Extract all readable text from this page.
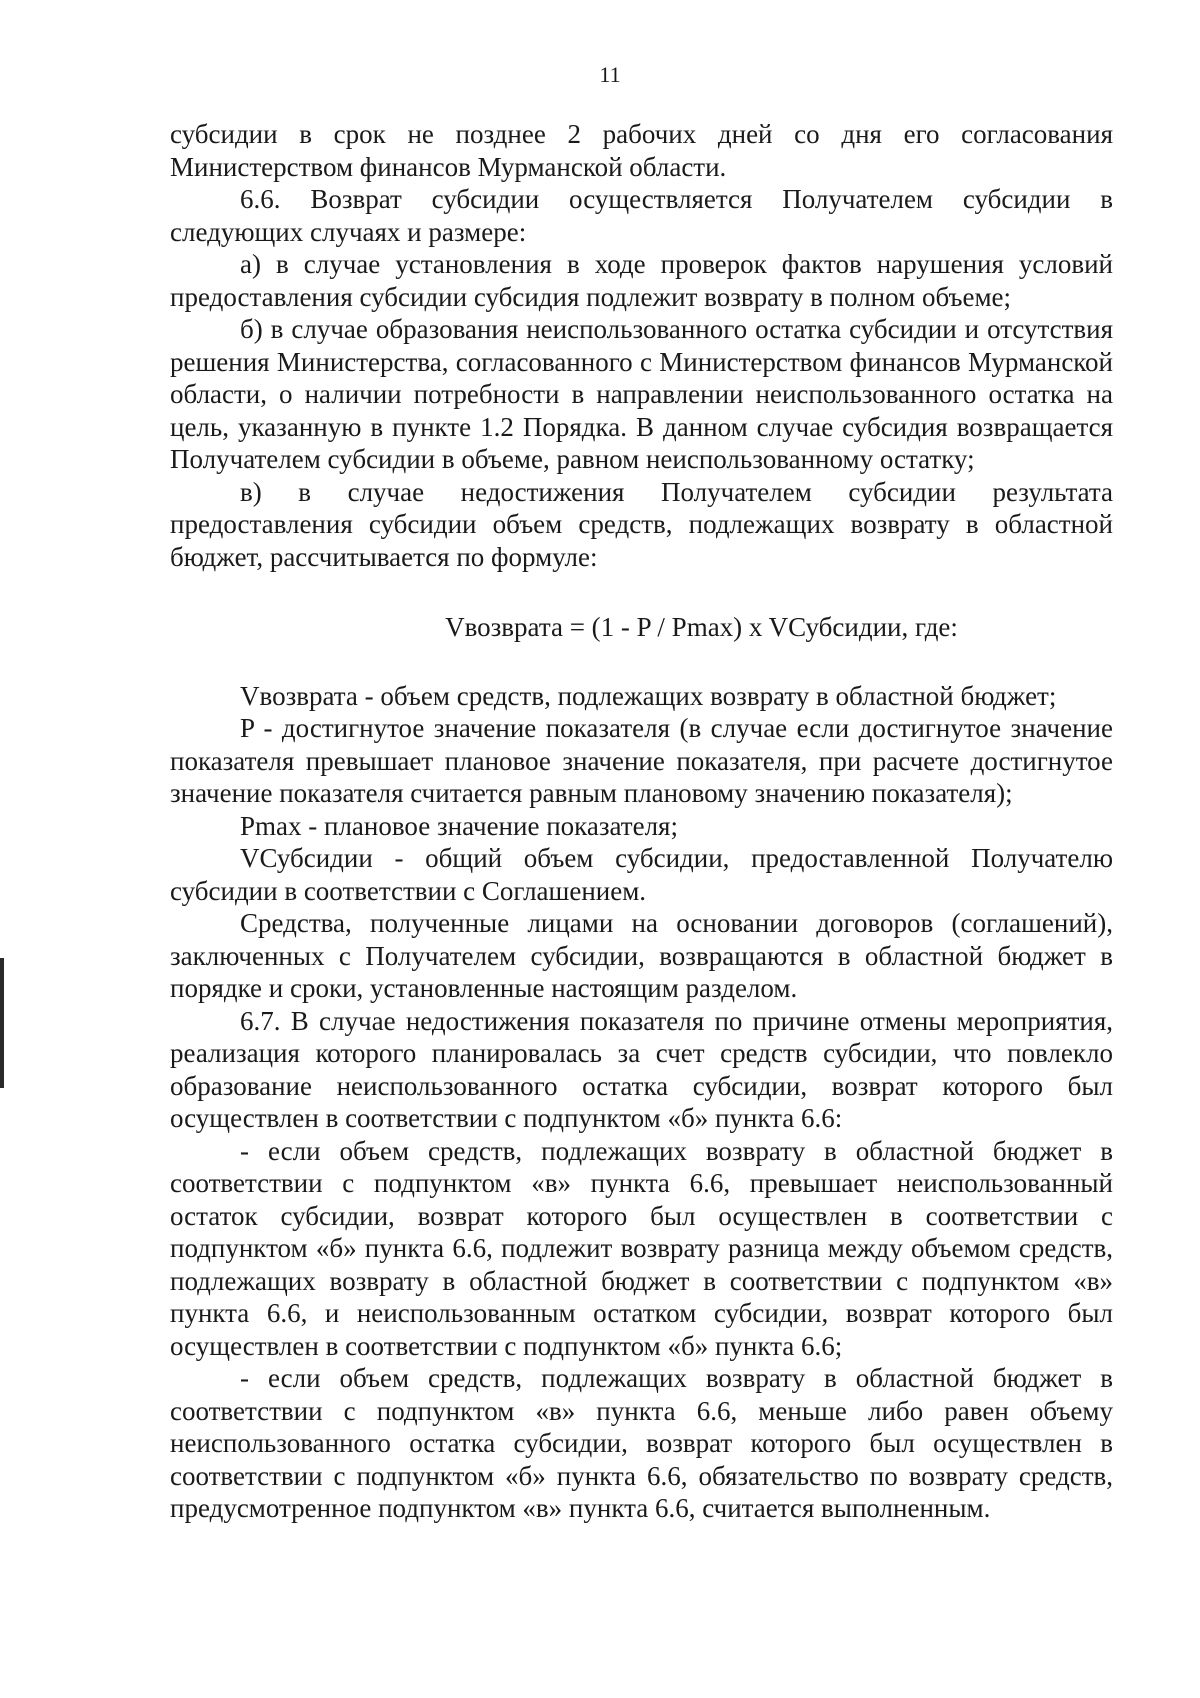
11

субсидии в срок не позднее 2 рабочих дней со дня его согласования Министерством финансов Мурманской области.

6.6. Возврат субсидии осуществляется Получателем субсидии в следующих случаях и размере:

а) в случае установления в ходе проверок фактов нарушения условий предоставления субсидии субсидия подлежит возврату в полном объеме;

б) в случае образования неиспользованного остатка субсидии и отсутствия решения Министерства, согласованного с Министерством финансов Мурманской области, о наличии потребности в направлении неиспользованного остатка на цель, указанную в пункте 1.2 Порядка. В данном случае субсидия возвращается Получателем субсидии в объеме, равном неиспользованному остатку;

в) в случае недостижения Получателем субсидии результата предоставления субсидии объем средств, подлежащих возврату в областной бюджет, рассчитывается по формуле:

Vвозврата = (1 - P / Pmax) x VСубсидии, где:

Vвозврата - объем средств, подлежащих возврату в областной бюджет;

P - достигнутое значение показателя (в случае если достигнутое значение показателя превышает плановое значение показателя, при расчете достигнутое значение показателя считается равным плановому значению показателя);

Pmax - плановое значение показателя;

VСубсидии - общий объем субсидии, предоставленной Получателю субсидии в соответствии с Соглашением.

Средства, полученные лицами на основании договоров (соглашений), заключенных с Получателем субсидии, возвращаются в областной бюджет в порядке и сроки, установленные настоящим разделом.

6.7. В случае недостижения показателя по причине отмены мероприятия, реализация которого планировалась за счет средств субсидии, что повлекло образование неиспользованного остатка субсидии, возврат которого был осуществлен в соответствии с подпунктом «б» пункта 6.6:

- если объем средств, подлежащих возврату в областной бюджет в соответствии с подпунктом «в» пункта 6.6, превышает неиспользованный остаток субсидии, возврат которого был осуществлен в соответствии с подпунктом «б» пункта 6.6, подлежит возврату разница между объемом средств, подлежащих возврату в областной бюджет в соответствии с подпунктом «в» пункта 6.6, и неиспользованным остатком субсидии, возврат которого был осуществлен в соответствии с подпунктом «б» пункта 6.6;

- если объем средств, подлежащих возврату в областной бюджет в соответствии с подпунктом «в» пункта 6.6, меньше либо равен объему неиспользованного остатка субсидии, возврат которого был осуществлен в соответствии с подпунктом «б» пункта 6.6, обязательство по возврату средств, предусмотренное подпунктом «в» пункта 6.6, считается выполненным.
